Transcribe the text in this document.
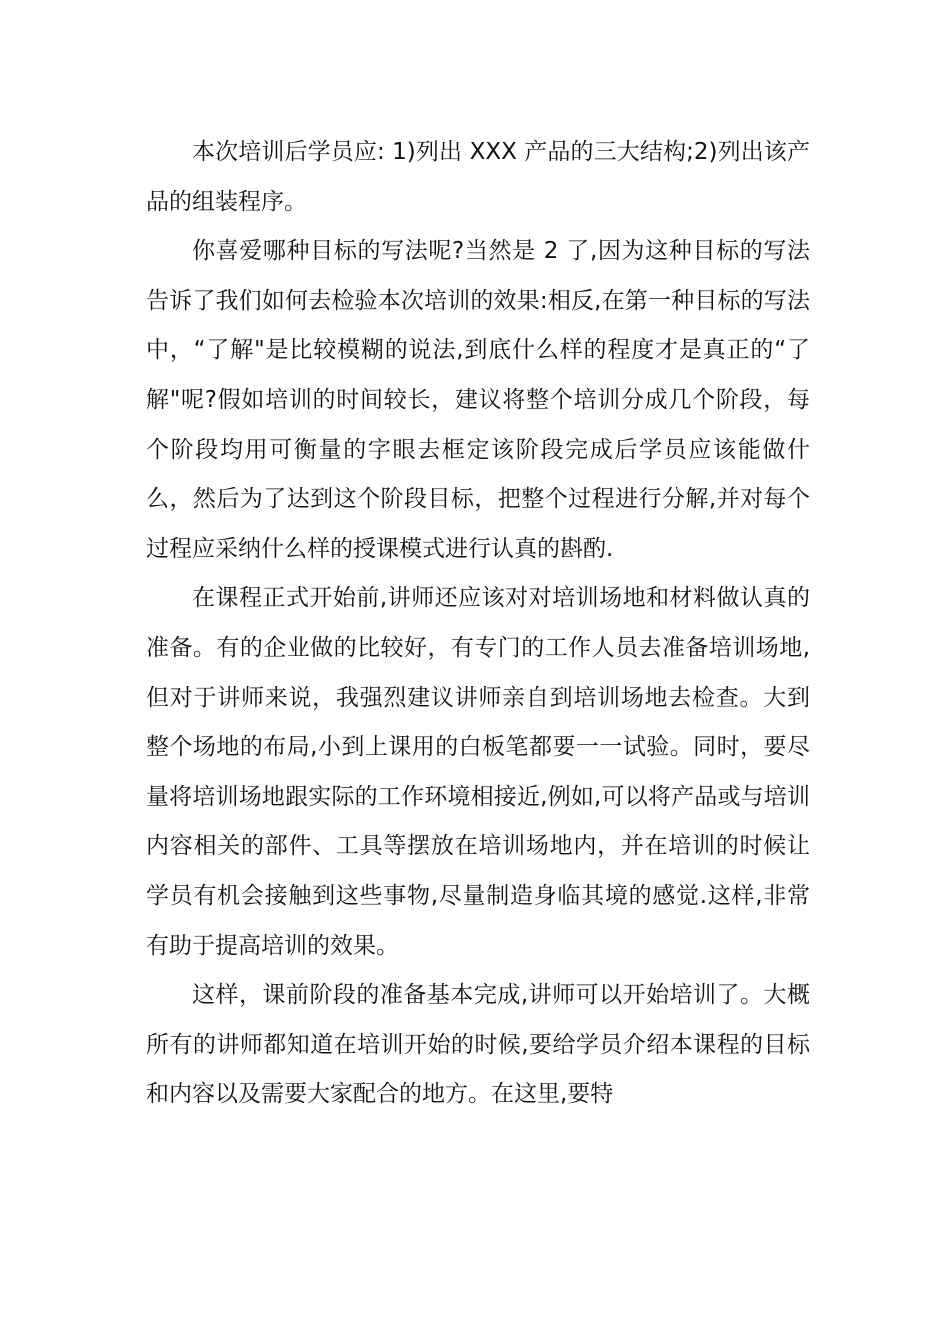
本次培训后学员应: 1)列出 XXX 产品的三大结构;2)列出该产品的组装程序。

你喜爱哪种目标的写法呢?当然是 2 了,因为这种目标的写法告诉了我们如何去检验本次培训的效果:相反,在第一种目标的写法中，“了解"是比较模糊的说法,到底什么样的程度才是真正的“了解"呢?假如培训的时间较长，建议将整个培训分成几个阶段，每个阶段均用可衡量的字眼去框定该阶段完成后学员应该能做什么，然后为了达到这个阶段目标，把整个过程进行分解,并对每个过程应采纳什么样的授课模式进行认真的斟酌.

在课程正式开始前,讲师还应该对对培训场地和材料做认真的准备。有的企业做的比较好，有专门的工作人员去准备培训场地,但对于讲师来说，我强烈建议讲师亲自到培训场地去检查。大到整个场地的布局,小到上课用的白板笔都要一一试验。同时，要尽量将培训场地跟实际的工作环境相接近,例如,可以将产品或与培训内容相关的部件、工具等摆放在培训场地内，并在培训的时候让学员有机会接触到这些事物,尽量制造身临其境的感觉.这样,非常有助于提高培训的效果。

这样，课前阶段的准备基本完成,讲师可以开始培训了。大概所有的讲师都知道在培训开始的时候,要给学员介绍本课程的目标和内容以及需要大家配合的地方。在这里,要特
